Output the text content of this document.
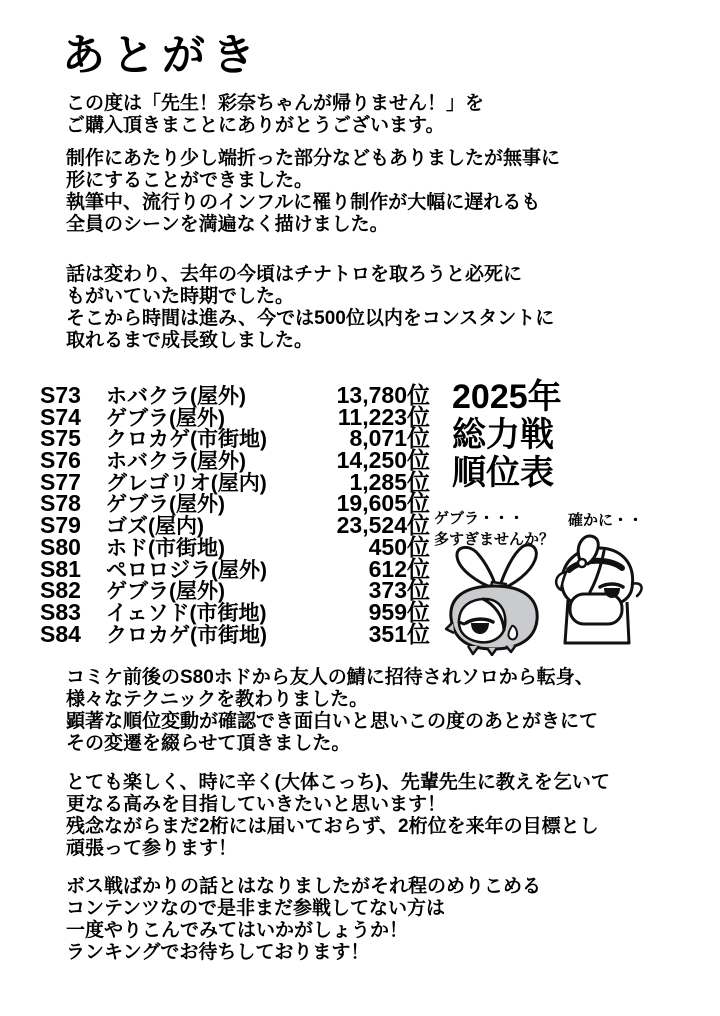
あとがき
この度は「先生！彩奈ちゃんが帰りません！」を
ご購入頂きまことにありがとうございます。
制作にあたり少し端折った部分などもありましたが無事に
形にすることができました。
執筆中、流行りのインフルに罹り制作が大幅に遅れるも
全員のシーンを満遍なく描けました。
話は変わり、去年の今頃はチナトロを取ろうと必死に
もがいていた時期でした。
そこから時間は進み、今では500位以内をコンスタントに
取れるまで成長致しました。
S73	ホバクラ(屋外)	13,780位
S74	ゲブラ(屋外)	11,223位
S75	クロカゲ(市街地)	8,071位
S76	ホバクラ(屋外)	14,250位
S77	グレゴリオ(屋内)	1,285位
S78	ゲブラ(屋外)	19,605位
S79	ゴズ(屋内)	23,524位
S80	ホド(市街地)	450位
S81	ペロロジラ(屋外)	612位
S82	ゲブラ(屋外)	373位
S83	イェソド(市街地)	959位
S84	クロカゲ(市街地)	351位
2025年
総力戦
順位表
ゲブラ・・・
多すぎませんか？
確かに・・
コミケ前後のS80ホドから友人の鯖に招待されソロから転身、
様々なテクニックを教わりました。
顕著な順位変動が確認でき面白いと思いこの度のあとがきにて
その変遷を綴らせて頂きました。
とても楽しく、時に辛く(大体こっち)、先輩先生に教えを乞いて
更なる高みを目指していきたいと思います！
残念ながらまだ2桁には届いておらず、2桁位を来年の目標とし
頑張って参ります！
ボス戦ばかりの話とはなりましたがそれ程のめりこめる
コンテンツなので是非まだ参戦してない方は
一度やりこんでみてはいかがしょうか！
ランキングでお待ちしております！
